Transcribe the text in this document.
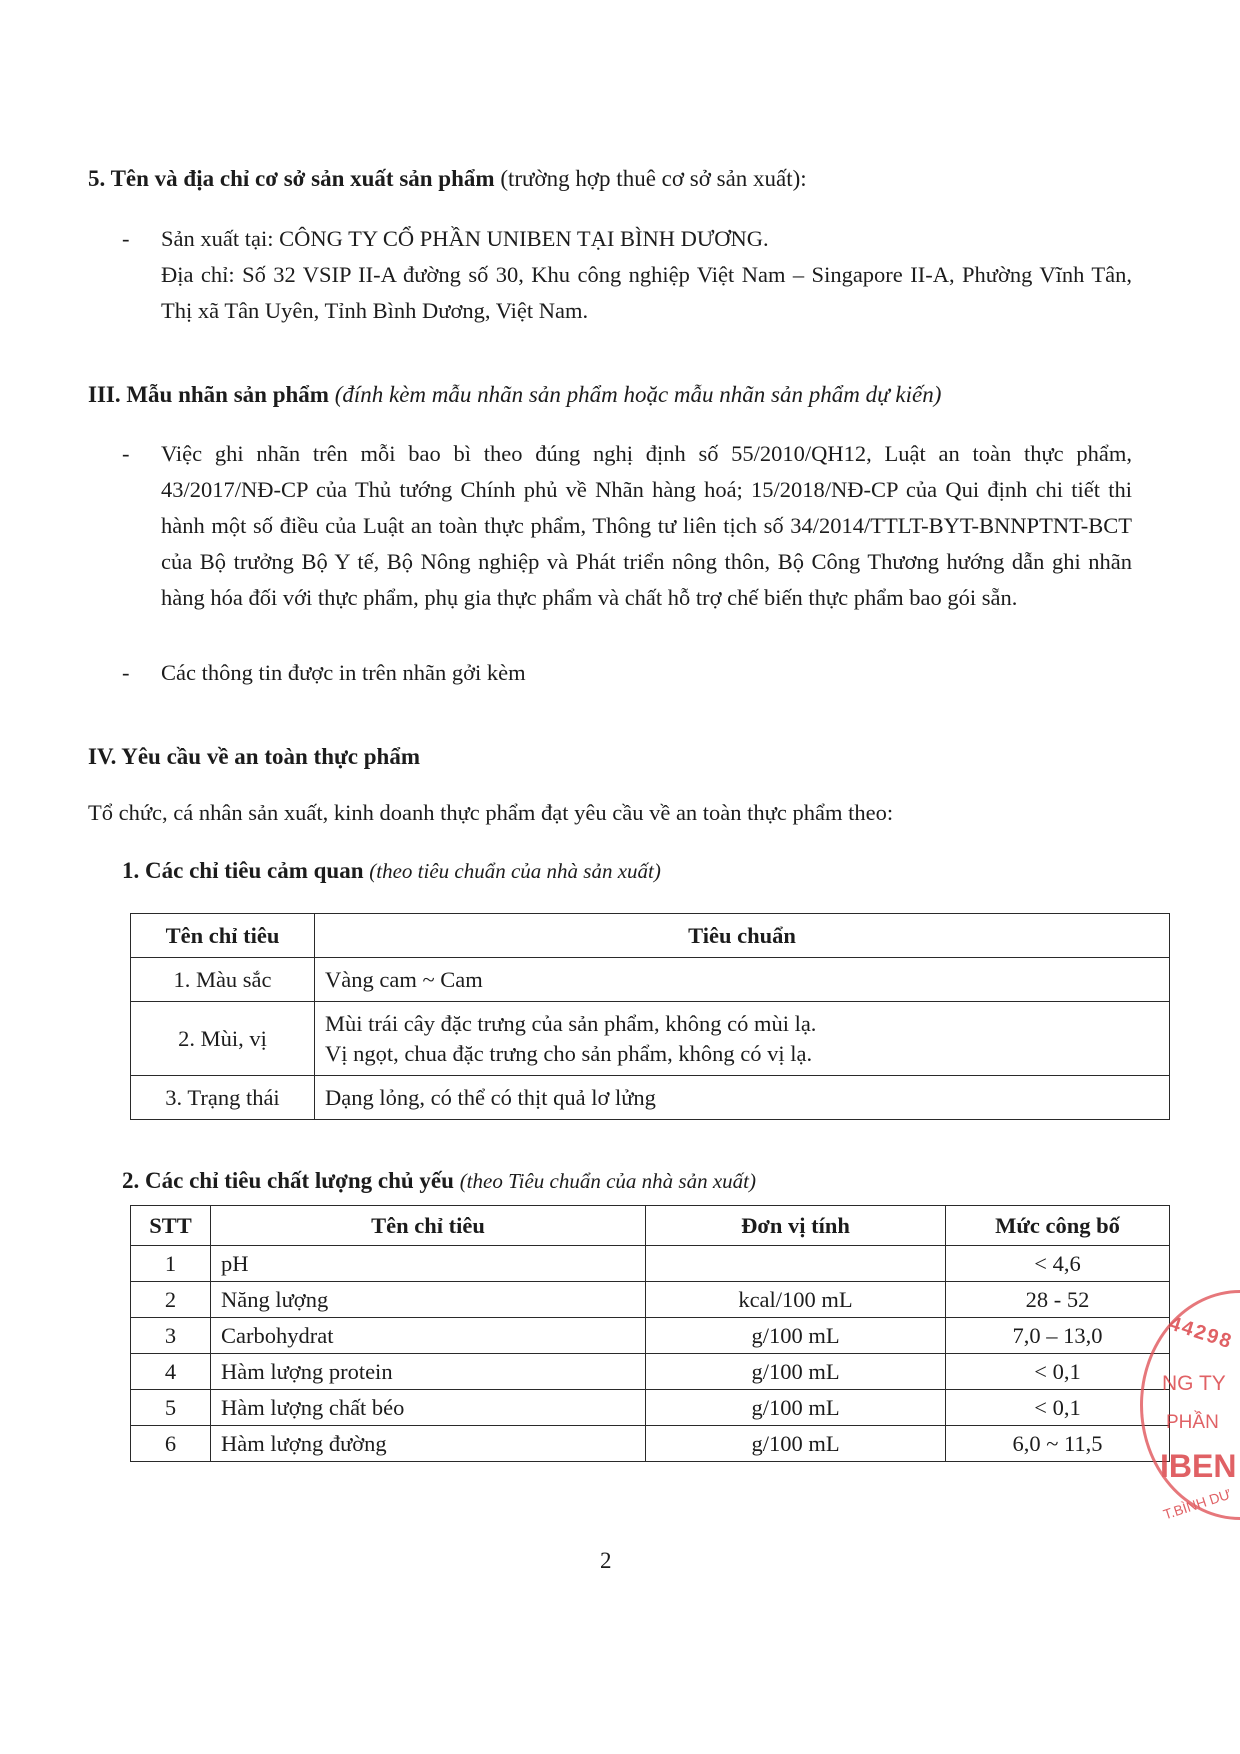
5. Tên và địa chỉ cơ sở sản xuất sản phẩm (trường hợp thuê cơ sở sản xuất):
- Sản xuất tại: CÔNG TY CỔ PHẦN UNIBEN TẠI BÌNH DƯƠNG.

Địa chỉ: Số 32 VSIP II-A đường số 30, Khu công nghiệp Việt Nam – Singapore II-A, Phường Vĩnh Tân, Thị xã Tân Uyên, Tỉnh Bình Dương, Việt Nam.

III. Mẫu nhãn sản phẩm (đính kèm mẫu nhãn sản phẩm hoặc mẫu nhãn sản phẩm dự kiến)
- Việc ghi nhãn trên mỗi bao bì theo đúng nghị định số 55/2010/QH12, Luật an toàn thực phẩm, 43/2017/NĐ-CP của Thủ tướng Chính phủ về Nhãn hàng hoá; 15/2018/NĐ-CP của Qui định chi tiết thi hành một số điều của Luật an toàn thực phẩm, Thông tư liên tịch số 34/2014/TTLT-BYT-BNNPTNT-BCT của Bộ trưởng Bộ Y tế, Bộ Nông nghiệp và Phát triển nông thôn, Bộ Công Thương hướng dẫn ghi nhãn hàng hóa đối với thực phẩm, phụ gia thực phẩm và chất hỗ trợ chế biến thực phẩm bao gói sẵn.

- Các thông tin được in trên nhãn gởi kèm

IV. Yêu cầu về an toàn thực phẩm
Tổ chức, cá nhân sản xuất, kinh doanh thực phẩm đạt yêu cầu về an toàn thực phẩm theo:
1. Các chỉ tiêu cảm quan (theo tiêu chuẩn của nhà sản xuất)
Tên chỉ tiêu	Tiêu chuẩn
1. Màu sắc	Vàng cam ~ Cam
2. Mùi, vị	Mùi trái cây đặc trưng của sản phẩm, không có mùi lạ.
Vị ngọt, chua đặc trưng cho sản phẩm, không có vị lạ.

3. Trạng thái	Dạng lỏng, có thể có thịt quả lơ lửng
2. Các chỉ tiêu chất lượng chủ yếu (theo Tiêu chuẩn của nhà sản xuất)
STT	Tên chỉ tiêu	Đơn vị tính	Mức công bố
1	pH		< 4,6
2	Năng lượng	kcal/100 mL	28 - 52
3	Carbohydrat	g/100 mL	7,0 – 13,0
4	Hàm lượng protein	g/100 mL	< 0,1
5	Hàm lượng chất béo	g/100 mL	< 0,1
6	Hàm lượng đường	g/100 mL	6,0 ~ 11,5
44298
NG TY
PHẦN
IBEN
T.BÌNH DƯ
2
